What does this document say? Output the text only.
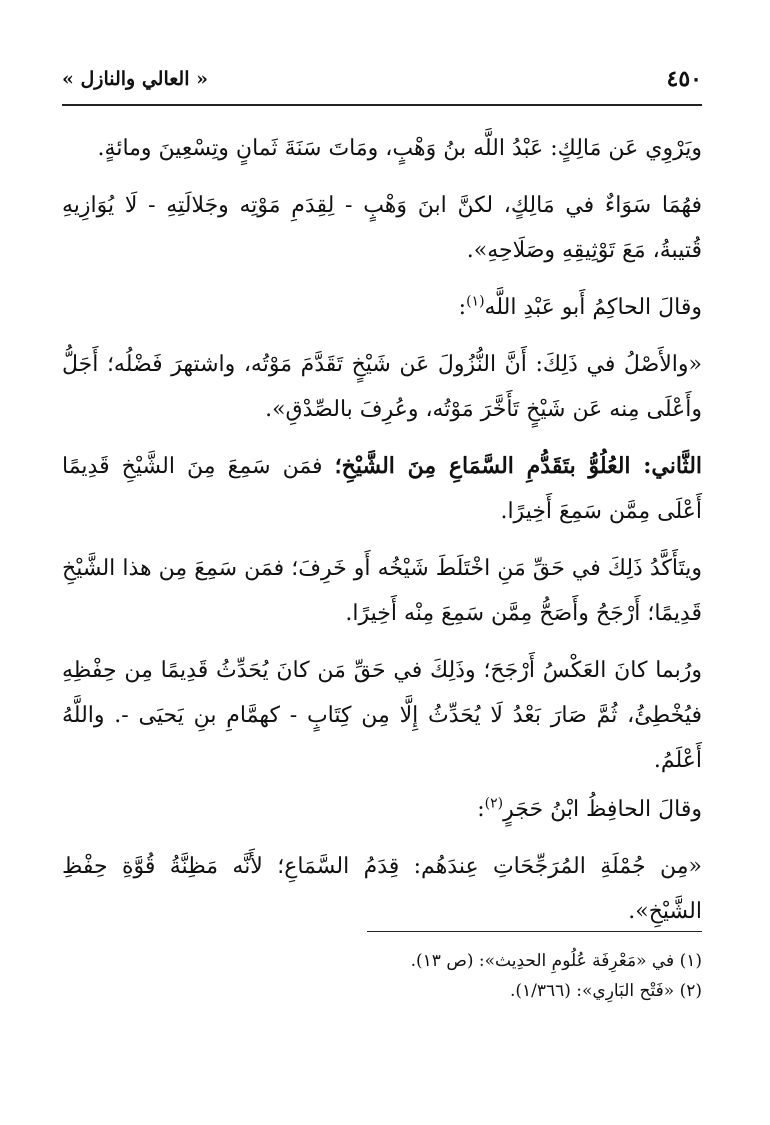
٤٥٠
« العالي والنازل »

ويَرْوِي عَن مَالِكٍ: عَبْدُ اللَّه بنُ وَهْبٍ، ومَاتَ سَنَةَ ثَمانٍ وتِسْعِينَ ومائةٍ.

فهُمَا سَوَاءٌ في مَالِكٍ، لكنَّ ابنَ وَهْبٍ - لِقِدَمِ مَوْتِه وجَلالَتِهِ - لَا يُوَازِيهِ قُتيبةُ، مَعَ تَوْثِيقِهِ وصَلَاحِهِ».

وقالَ الحاكِمُ أَبو عَبْدِ اللَّه$^{(١)}$:

«والأَصْلُ في ذَلِكَ: أَنَّ النُّزُولَ عَن شَيْخٍ تَقَدَّمَ مَوْتُه، واشتهرَ فَضْلُه؛ أَجَلُّ وأَعْلَى مِنه عَن شَيْخٍ تَأَخَّرَ مَوْتُه، وعُرِفَ بالصِّدْقِ».

الثَّاني: العُلُوُّ بتَقَدُّمِ السَّمَاعِ مِنَ الشَّيْخِ؛ فمَن سَمِعَ مِنَ الشَّيْخِ قَدِيمًا أَعْلَى مِمَّن سَمِعَ أَخِيرًا.

ويتَأَكَّدُ ذَلِكَ في حَقِّ مَنِ اخْتَلَطَ شَيْخُه أَو خَرِفَ؛ فمَن سَمِعَ مِن هذا الشَّيْخِ قَدِيمًا؛ أَرْجَحُ وأَصَحُّ مِمَّن سَمِعَ مِنْه أَخِيرًا.

ورُبما كانَ العَكْسُ أَرْجَحَ؛ وذَلِكَ في حَقِّ مَن كانَ يُحَدِّثُ قَدِيمًا مِن حِفْظِهِ فيُخْطِئُ، ثُمَّ صَارَ بَعْدُ لَا يُحَدِّثُ إِلَّا مِن كِتَابٍ - كهمَّامِ بنِ يَحيَى -. واللَّهُ أَعْلَمُ.

وقالَ الحافِظُ ابْنُ حَجَرٍ$^{(٢)}$:

«مِن جُمْلَةِ المُرَجِّحَاتِ عِندَهُم: قِدَمُ السَّمَاعِ؛ لأَنَّه مَظِنَّةُ قُوَّةِ حِفْظِ الشَّيْخِ».

(١) في «مَعْرِفَة عُلُومِ الحدِيث»: (ص ١٣).

(٢) «فَتْح البَارِي»: (١/٣٦٦).
